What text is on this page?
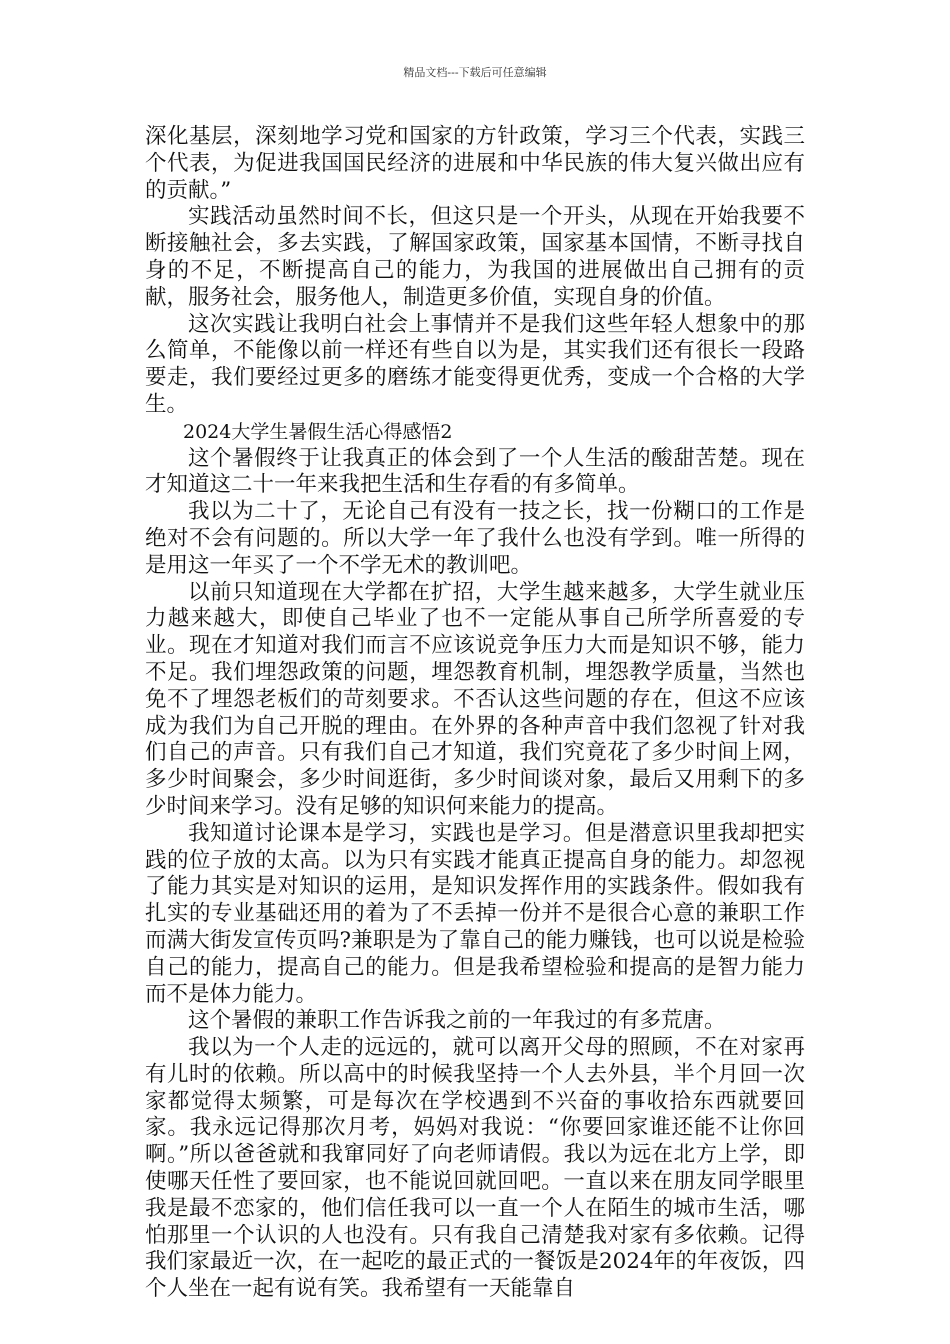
精品文档---下载后可任意编辑

深化基层，深刻地学习党和国家的方针政策，学习三个代表，实践三个代表，为促进我国国民经济的进展和中华民族的伟大复兴做出应有的贡献。”

实践活动虽然时间不长，但这只是一个开头，从现在开始我要不断接触社会，多去实践，了解国家政策，国家基本国情，不断寻找自身的不足，不断提高自己的能力，为我国的进展做出自己拥有的贡献，服务社会，服务他人，制造更多价值，实现自身的价值。

这次实践让我明白社会上事情并不是我们这些年轻人想象中的那么简单，不能像以前一样还有些自以为是，其实我们还有很长一段路要走，我们要经过更多的磨练才能变得更优秀，变成一个合格的大学生。

2024大学生暑假生活心得感悟2

这个暑假终于让我真正的体会到了一个人生活的酸甜苦楚。现在才知道这二十一年来我把生活和生存看的有多简单。

我以为二十了，无论自己有没有一技之长，找一份糊口的工作是绝对不会有问题的。所以大学一年了我什么也没有学到。唯一所得的是用这一年买了一个不学无术的教训吧。

以前只知道现在大学都在扩招，大学生越来越多，大学生就业压力越来越大，即使自己毕业了也不一定能从事自己所学所喜爱的专业。现在才知道对我们而言不应该说竞争压力大而是知识不够，能力不足。我们埋怨政策的问题，埋怨教育机制，埋怨教学质量，当然也免不了埋怨老板们的苛刻要求。不否认这些问题的存在，但这不应该成为我们为自己开脱的理由。在外界的各种声音中我们忽视了针对我们自己的声音。只有我们自己才知道，我们究竟花了多少时间上网，多少时间聚会，多少时间逛街，多少时间谈对象，最后又用剩下的多少时间来学习。没有足够的知识何来能力的提高。

我知道讨论课本是学习，实践也是学习。但是潜意识里我却把实践的位子放的太高。以为只有实践才能真正提高自身的能力。却忽视了能力其实是对知识的运用，是知识发挥作用的实践条件。假如我有扎实的专业基础还用的着为了不丢掉一份并不是很合心意的兼职工作而满大街发宣传页吗?兼职是为了靠自己的能力赚钱，也可以说是检验自己的能力，提高自己的能力。但是我希望检验和提高的是智力能力而不是体力能力。

这个暑假的兼职工作告诉我之前的一年我过的有多荒唐。

我以为一个人走的远远的，就可以离开父母的照顾，不在对家再有儿时的依赖。所以高中的时候我坚持一个人去外县，半个月回一次家都觉得太频繁，可是每次在学校遇到不兴奋的事收拾东西就要回家。我永远记得那次月考，妈妈对我说：“你要回家谁还能不让你回啊。”所以爸爸就和我窜同好了向老师请假。我以为远在北方上学，即使哪天任性了要回家，也不能说回就回吧。一直以来在朋友同学眼里我是最不恋家的，他们信任我可以一直一个人在陌生的城市生活，哪怕那里一个认识的人也没有。只有我自己清楚我对家有多依赖。记得我们家最近一次，在一起吃的最正式的一餐饭是2024年的年夜饭，四个人坐在一起有说有笑。我希望有一天能靠自
